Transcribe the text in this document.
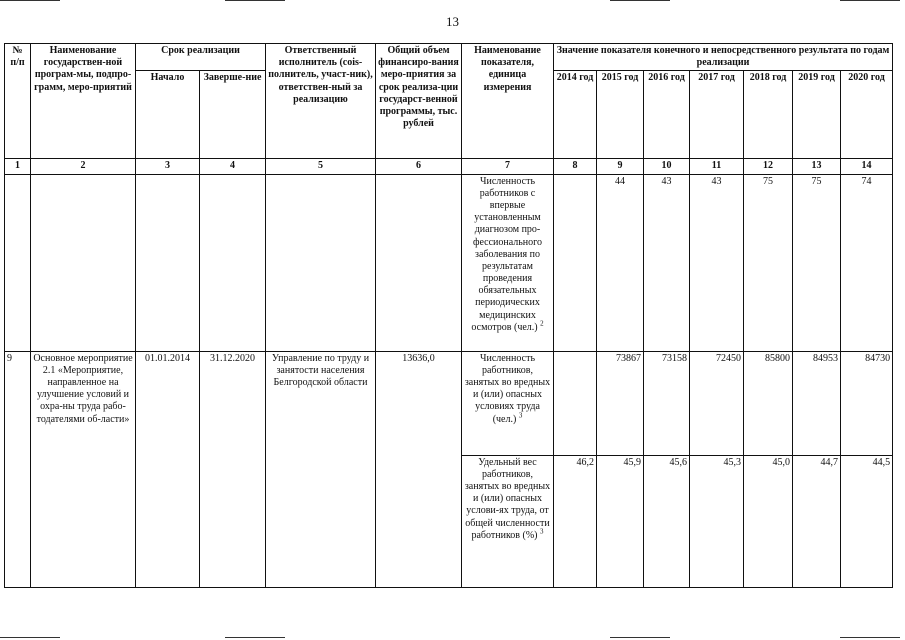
13
№ п/п	Наименование государствен-ной програм-мы, подпро-грамм, меро-приятий	Срок реализации		Ответственный исполнитель (сois-полнитель, участ-ник), ответствен-ный за реализацию	Общий объем финансиро-вания меро-приятия за срок реализа-ции государст-венной программы, тыс. рублей	Наименование показателя, единица измерения	Значение показателя конечного и непосредственного результата по годам реализации						
		Начало	Заверше-ние				2014 год	2015 год	2016 год	2017 год	2018 год	2019 год	2020 год
1	2	3	4	5	6	7	8	9	10	11	12	13	14
						Численность работников с впервые установленным диагнозом про-фессионального заболевания по результатам проведения обязательных периодических медицинских осмотров (чел.) $^2$		44	43	43	75	75	74
9	Основное мероприятие 2.1 «Мероприятие, направленное на улучшение условий и охра-ны труда рабо-тодателями об-ласти»	01.01.2014	31.12.2020	Управление по труду и занятости населения Белгородской области	13636,0	Численность работников, занятых во вредных и (или) опасных условиях труда (чел.) $^3$		73867	73158	72450	85800	84953	84730
						Удельный вес работников, занятых во вредных и (или) опасных услови-ях труда, от общей численности работников (%) $^3$	46,2	45,9	45,6	45,3	45,0	44,7	44,5
